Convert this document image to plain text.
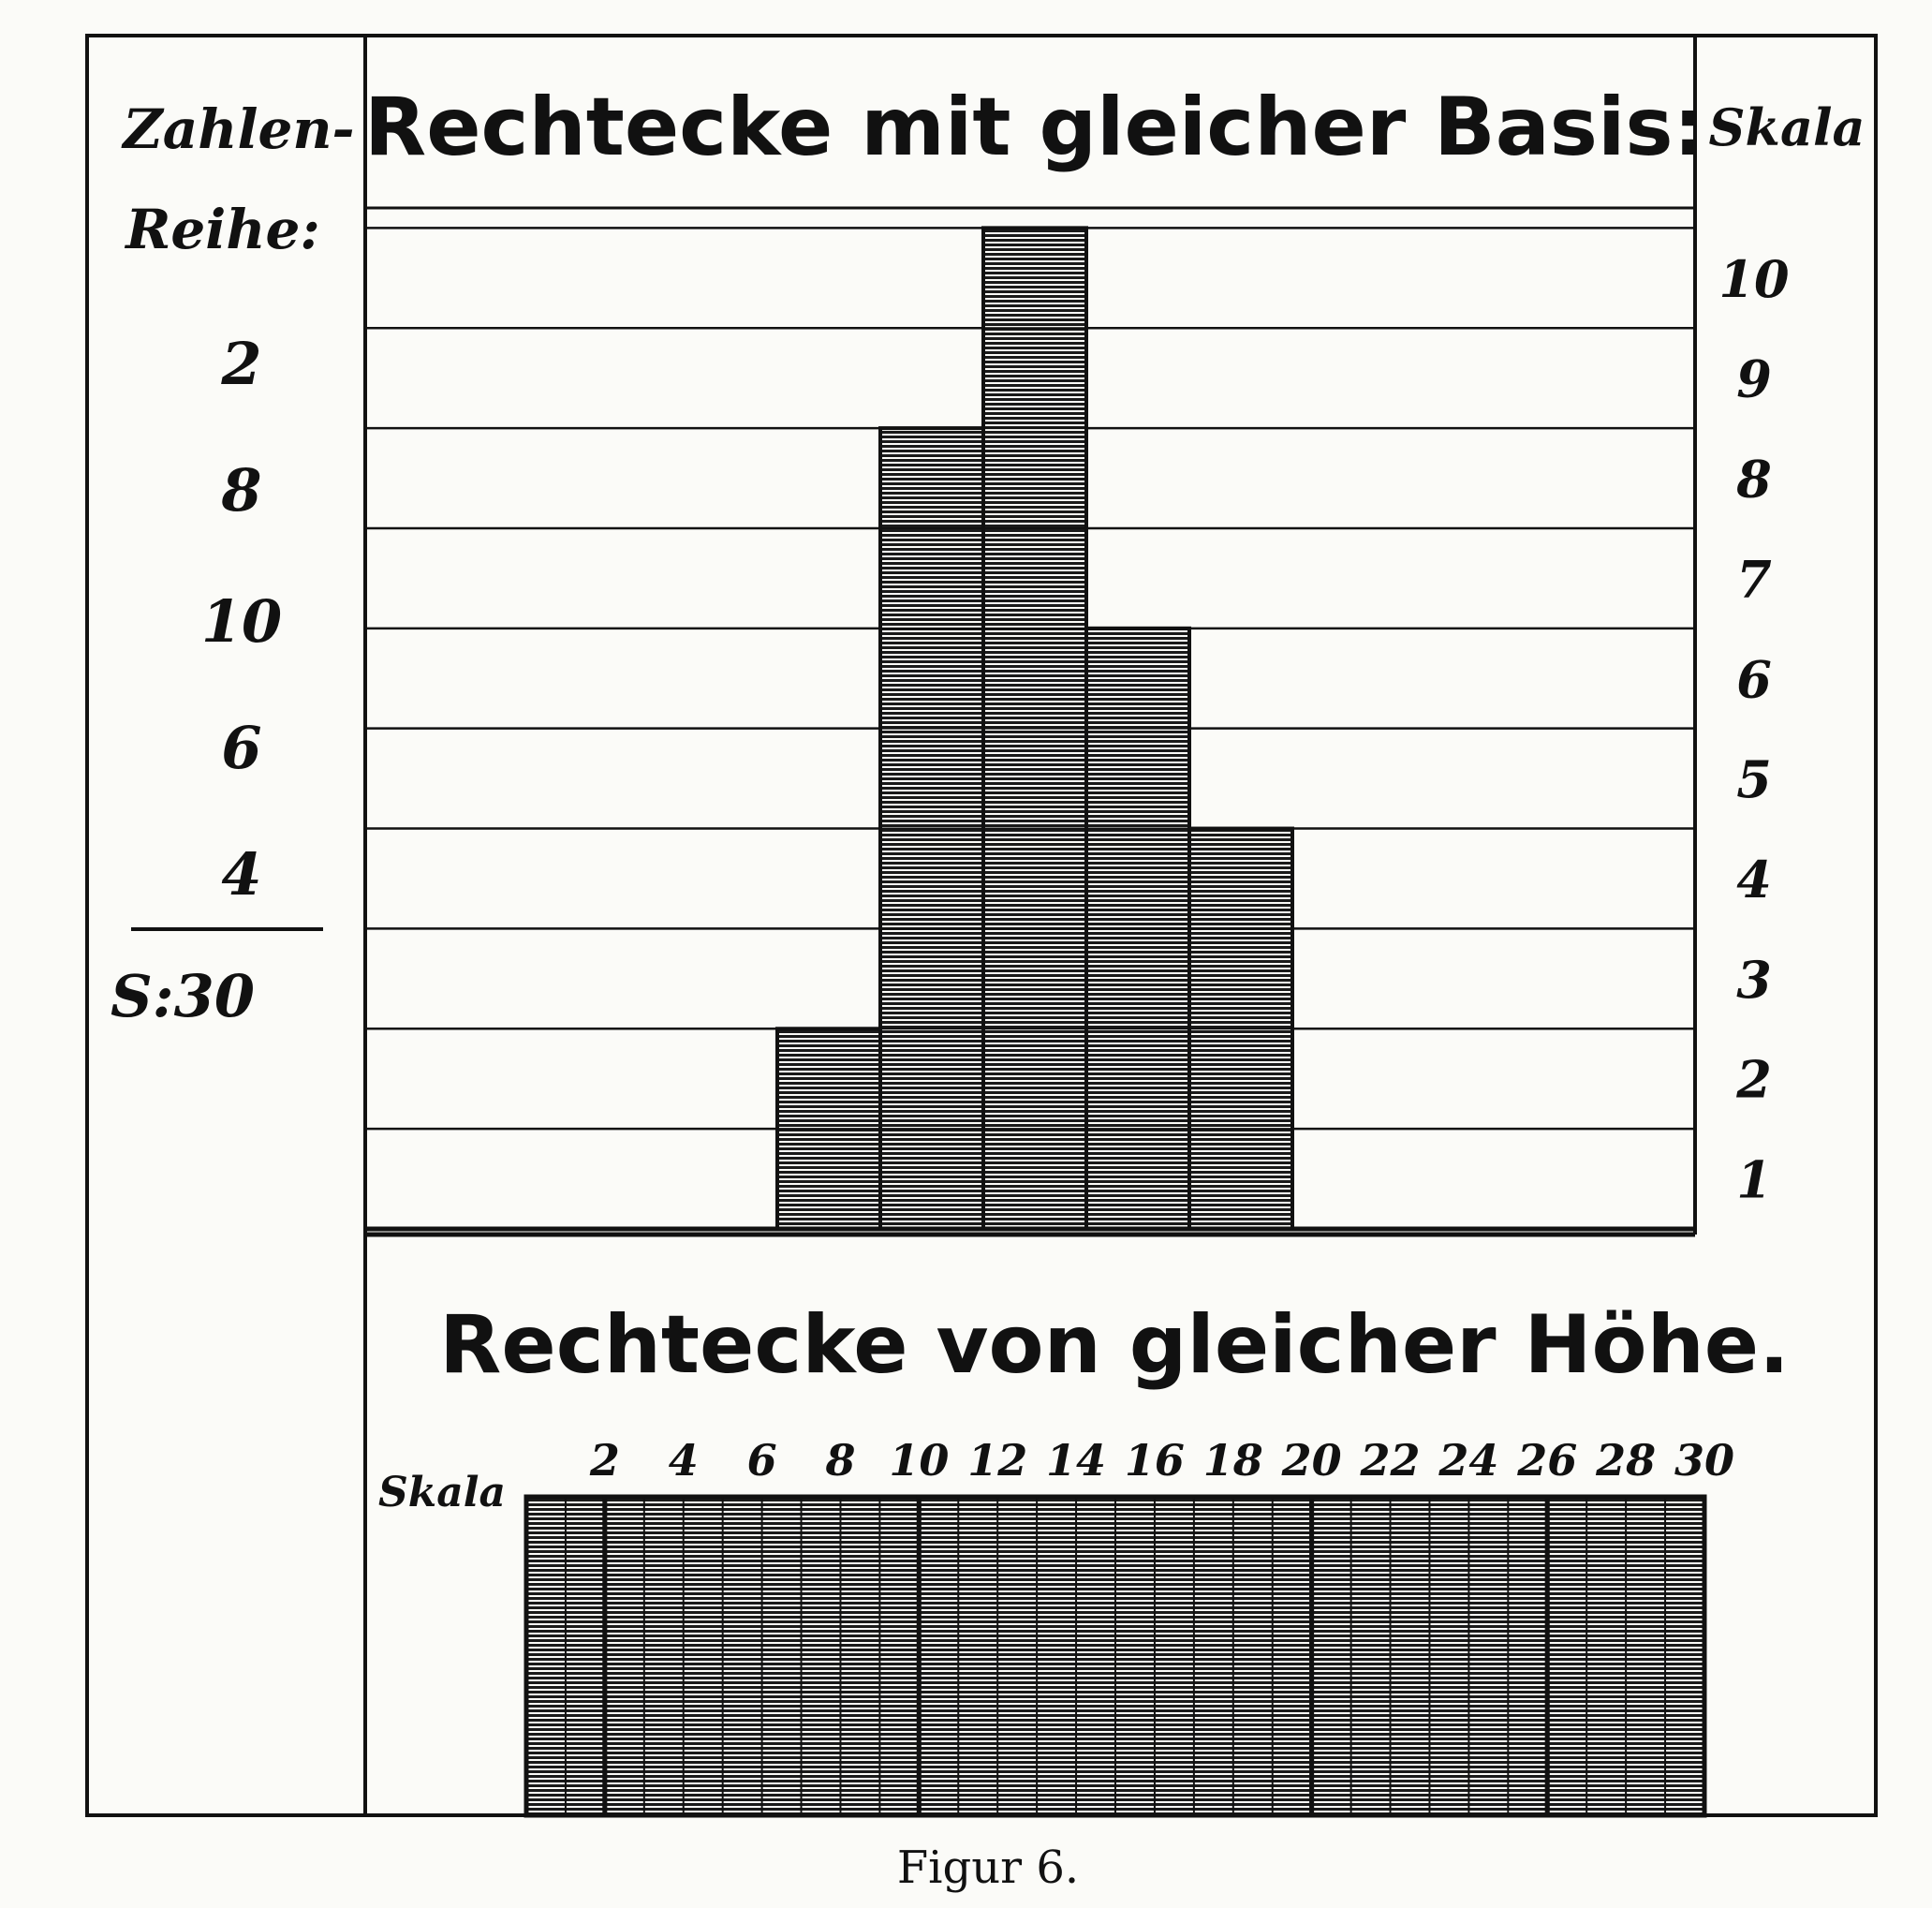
Zahlen-
Reihe:
2
8
10
6
4
S:30
Rechtecke mit gleicher Basis: Skala
1
2
3
4
5
6
7
8
9
10
Rechtecke von gleicher Höhe.
Skala
2 4 6 8 10 12 14 16 18 20 22 24 26 28 30
Figur 6.
